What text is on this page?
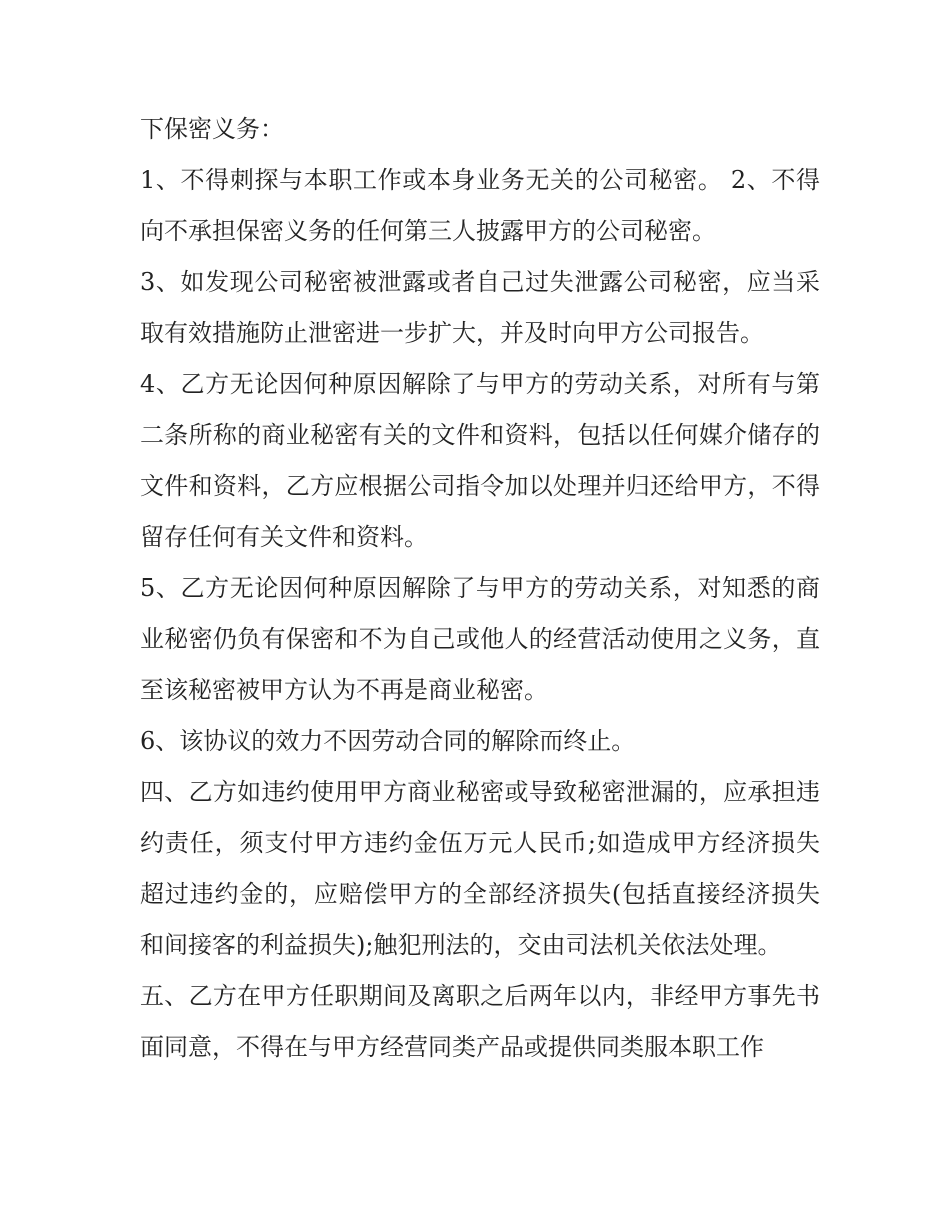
下保密义务：

1、不得刺探与本职工作或本身业务无关的公司秘密。 2、不得向不承担保密义务的任何第三人披露甲方的公司秘密。

3、如发现公司秘密被泄露或者自己过失泄露公司秘密，应当采取有效措施防止泄密进一步扩大，并及时向甲方公司报告。

4、乙方无论因何种原因解除了与甲方的劳动关系，对所有与第二条所称的商业秘密有关的文件和资料，包括以任何媒介储存的文件和资料，乙方应根据公司指令加以处理并归还给甲方，不得留存任何有关文件和资料。

5、乙方无论因何种原因解除了与甲方的劳动关系，对知悉的商业秘密仍负有保密和不为自己或他人的经营活动使用之义务，直至该秘密被甲方认为不再是商业秘密。

6、该协议的效力不因劳动合同的解除而终止。

四、乙方如违约使用甲方商业秘密或导致秘密泄漏的，应承担违约责任，须支付甲方违约金伍万元人民币;如造成甲方经济损失超过违约金的，应赔偿甲方的全部经济损失(包括直接经济损失和间接客的利益损失);触犯刑法的，交由司法机关依法处理。

五、乙方在甲方任职期间及离职之后两年以内，非经甲方事先书面同意，不得在与甲方经营同类产品或提供同类服本职工作
